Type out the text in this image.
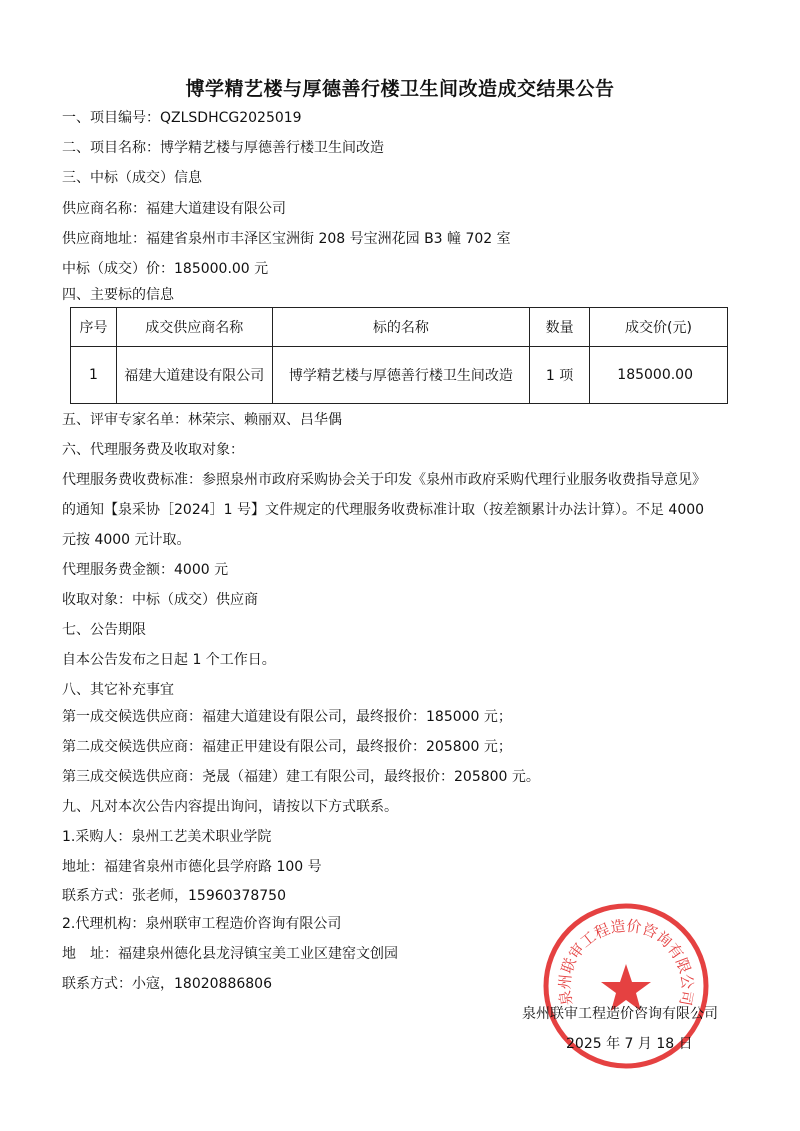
博学精艺楼与厚德善行楼卫生间改造成交结果公告
一、项目编号：QZLSDHCG2025019
二、项目名称：博学精艺楼与厚德善行楼卫生间改造
三、中标（成交）信息
供应商名称：福建大道建设有限公司
供应商地址：福建省泉州市丰泽区宝洲街 208 号宝洲花园 B3 幢 702 室
中标（成交）价：185000.00 元
四、主要标的信息
序号	成交供应商名称	标的名称	数量	成交价(元)
1	福建大道建设有限公司	博学精艺楼与厚德善行楼卫生间改造	1 项	185000.00
五、评审专家名单：林荣宗、赖丽双、吕华偶
六、代理服务费及收取对象：
代理服务费收费标准：参照泉州市政府采购协会关于印发《泉州市政府采购代理行业服务收费指导意见》
的通知【泉采协［2024］1 号】文件规定的代理服务收费标准计取（按差额累计办法计算）。不足 4000
元按 4000 元计取。
代理服务费金额：4000 元
收取对象：中标（成交）供应商
七、公告期限
自本公告发布之日起 1 个工作日。
八、其它补充事宜
第一成交候选供应商：福建大道建设有限公司，最终报价：185000 元；
第二成交候选供应商：福建正甲建设有限公司，最终报价：205800 元；
第三成交候选供应商：尧晟（福建）建工有限公司，最终报价：205800 元。
九、凡对本次公告内容提出询问，请按以下方式联系。
1.采购人：泉州工艺美术职业学院
地址：福建省泉州市德化县学府路 100 号
联系方式：张老师，15960378750
2.代理机构：泉州联审工程造价咨询有限公司
地　址：福建泉州德化县龙浔镇宝美工业区建窑文创园
联系方式：小寇，18020886806
泉州联审工程造价咨询有限公司
泉州联审工程造价咨询有限公司
2025 年 7 月 18 日
